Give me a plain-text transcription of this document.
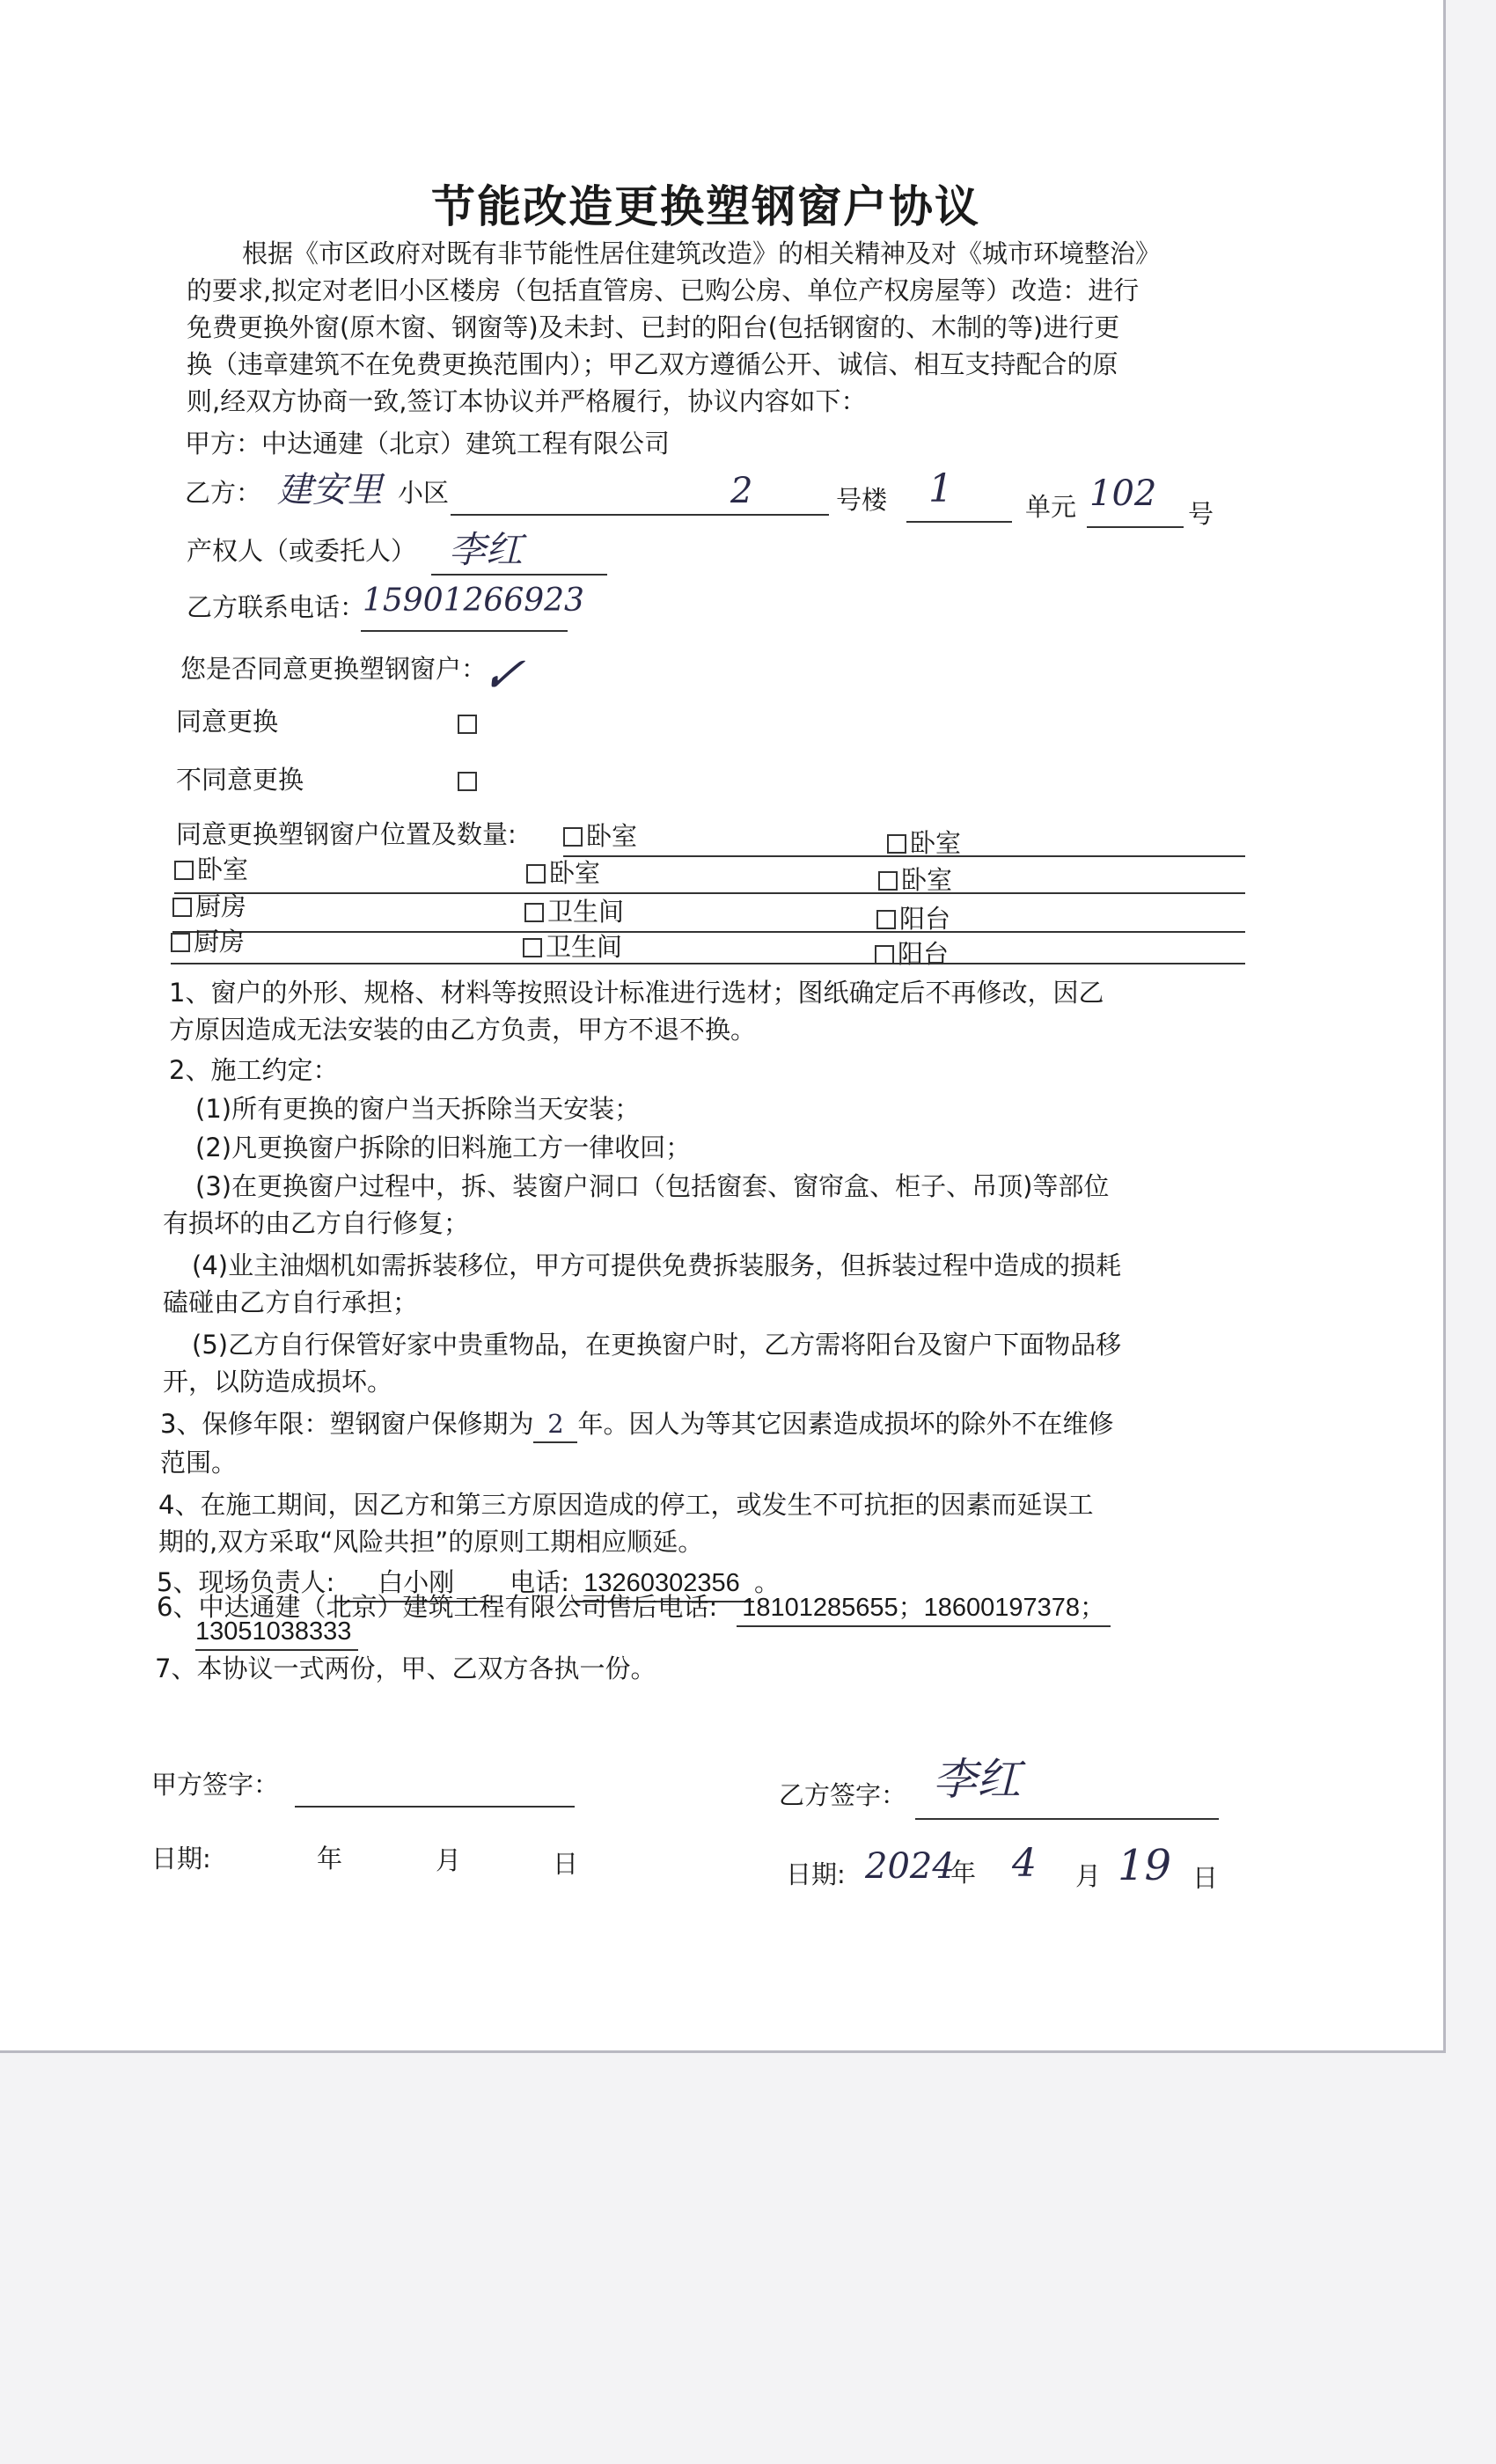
节能改造更换塑钢窗户协议
根据《市区政府对既有非节能性居住建筑改造》的相关精神及对《城市环境整治》
的要求,拟定对老旧小区楼房（包括直管房、已购公房、单位产权房屋等）改造：进行
免费更换外窗(原木窗、钢窗等)及未封、已封的阳台(包括钢窗的、木制的等)进行更
换（违章建筑不在免费更换范围内）；甲乙双方遵循公开、诚信、相互支持配合的原
则,经双方协商一致,签订本协议并严格履行，协议内容如下：
甲方：中达通建（北京）建筑工程有限公司
乙方： 建安里 小区	2	号楼 1	单元 102 号
产权人（或委托人） 李红
乙方联系电话：
15901266923
您是否同意更换塑钢窗户：
✓
同意更换
不同意更换
同意更换塑钢窗户位置及数量:	卧室	卧室
卧室	卧室	卧室
厨房	卫生间	阳台
厨房	卫生间	阳台
1、窗户的外形、规格、材料等按照设计标准进行选材；图纸确定后不再修改，因乙
方原因造成无法安装的由乙方负责，甲方不退不换。
2、施工约定：
(1)所有更换的窗户当天拆除当天安装；
(2)凡更换窗户拆除的旧料施工方一律收回；
(3)在更换窗户过程中，拆、装窗户洞口（包括窗套、窗帘盒、柜子、吊顶)等部位
有损坏的由乙方自行修复；
(4)业主油烟机如需拆装移位，甲方可提供免费拆装服务，但拆装过程中造成的损耗
磕碰由乙方自行承担；
(5)乙方自行保管好家中贵重物品，在更换窗户时，乙方需将阳台及窗户下面物品移
开，以防造成损坏。
3、保修年限：塑钢窗户保修期为 2 年。因人为等其它因素造成损坏的除外不在维修
范围。
4、在施工期间，因乙方和第三方原因造成的停工，或发生不可抗拒的因素而延误工
期的,双方采取“风险共担”的原则工期相应顺延。
5、现场负责人: 白小刚 电话: 13260302356 。
6、中达通建（北京）建筑工程有限公司售后电话: 18101285655；18600197378；
13051038333
7、本协议一式两份，甲、乙双方各执一份。
甲方签字：	乙方签字： 李红
日期:	年	月	日	日期: 2024
年 4 月 19 日
